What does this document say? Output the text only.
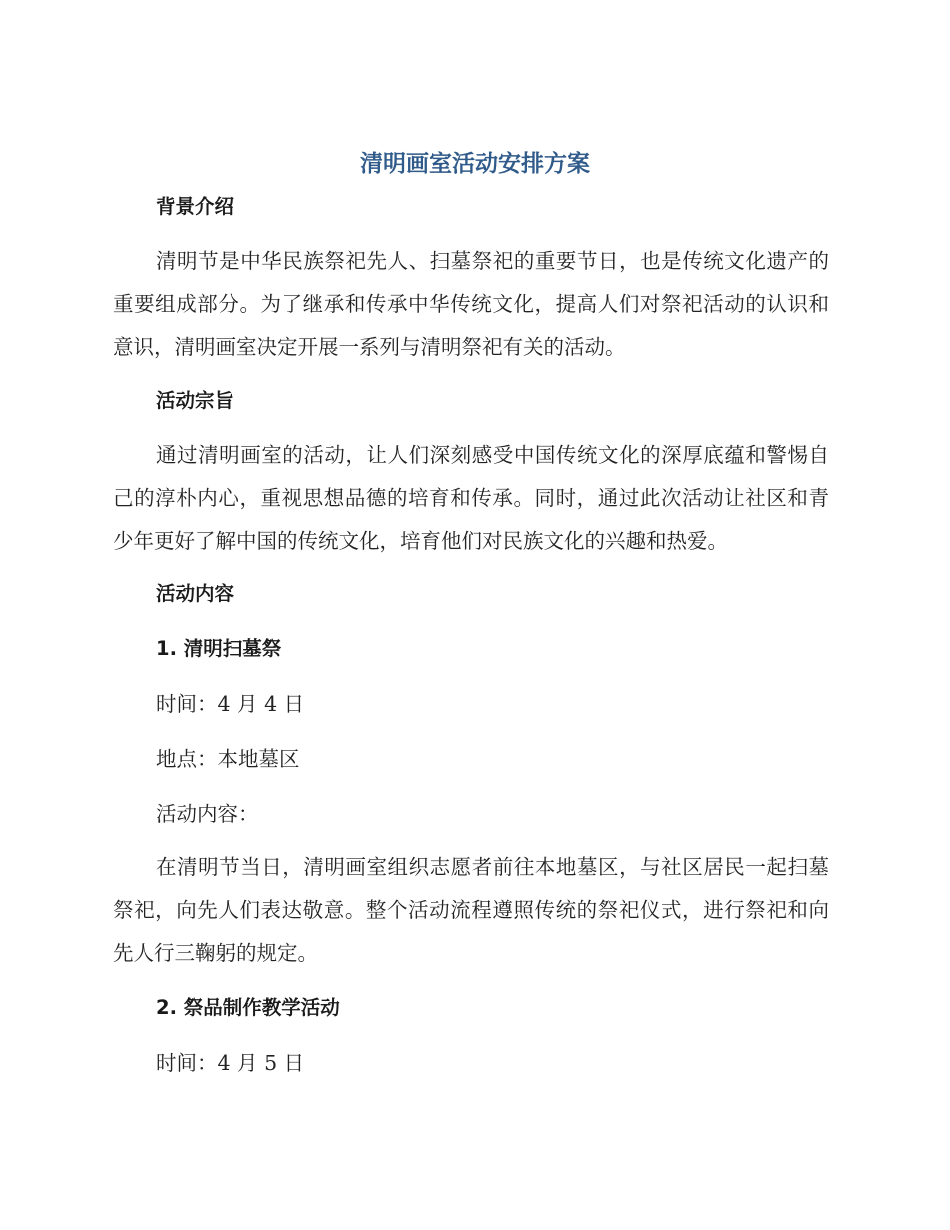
清明画室活动安排方案
背景介绍

清明节是中华民族祭祀先人、扫墓祭祀的重要节日，也是传统文化遗产的重要组成部分。为了继承和传承中华传统文化，提高人们对祭祀活动的认识和意识，清明画室决定开展一系列与清明祭祀有关的活动。

活动宗旨

通过清明画室的活动，让人们深刻感受中国传统文化的深厚底蕴和警惕自己的淳朴内心，重视思想品德的培育和传承。同时，通过此次活动让社区和青少年更好了解中国的传统文化，培育他们对民族文化的兴趣和热爱。

活动内容
1. 清明扫墓祭

时间：4 月 4 日

地点：本地墓区

活动内容：

在清明节当日，清明画室组织志愿者前往本地墓区，与社区居民一起扫墓祭祀，向先人们表达敬意。整个活动流程遵照传统的祭祀仪式，进行祭祀和向先人行三鞠躬的规定。

2. 祭品制作教学活动

时间：4 月 5 日
